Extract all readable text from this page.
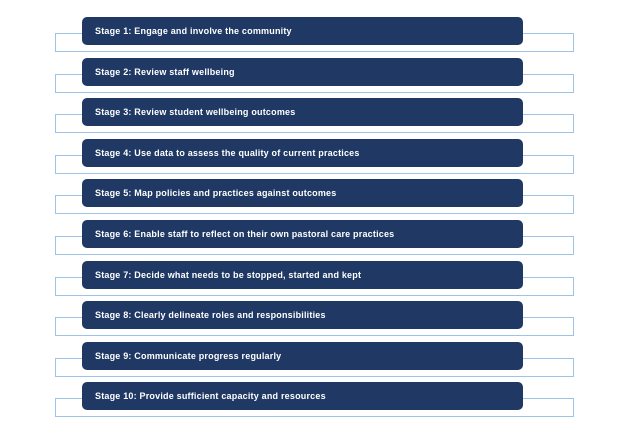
Stage 1: Engage and involve the community
Stage 2: Review staff wellbeing
Stage 3: Review student wellbeing outcomes
Stage 4: Use data to assess the quality of current practices
Stage 5: Map policies and practices against outcomes
Stage 6: Enable staff to reflect on their own pastoral care practices
Stage 7: Decide what needs to be stopped, started and kept
Stage 8: Clearly delineate roles and responsibilities
Stage 9: Communicate progress regularly
Stage 10: Provide sufficient capacity and resources
